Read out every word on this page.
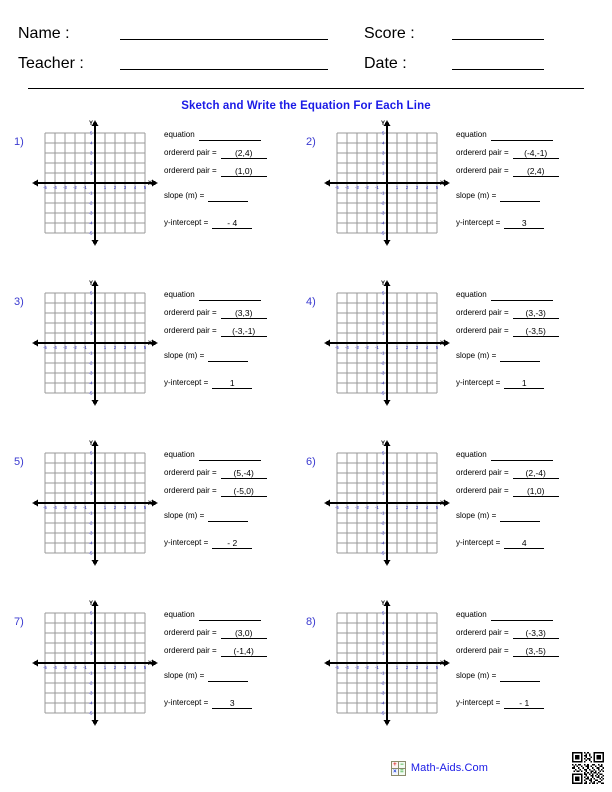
Name :	Score :
Teacher :	Date :
Sketch and Write the Equation For Each Line
1)
-5 -4 -3 -2 -1	1 2 3 4 5
5
4
3
2
1
-1
-2
-3
-4
-5
Y
X
equation
ordererd pair =	(2,4)
ordererd pair =	(1,0)
slope (m) =
y-intercept =	- 4
2)
-5 -4 -3 -2 -1	1 2 3 4 5
5
4
3
2
1
-1
-2
-3
-4
-5
Y
X
equation
ordererd pair =	(-4,-1)
ordererd pair =	(2,4)
slope (m) =
y-intercept =	3
3)
-5 -4 -3 -2 -1	1 2 3 4 5
5
4
3
2
1
-1
-2
-3
-4
-5
Y
X
equation
ordererd pair =	(3,3)
ordererd pair =	(-3,-1)
slope (m) =
y-intercept =	1
4)
-5 -4 -3 -2 -1	1 2 3 4 5
5
4
3
2
1
-1
-2
-3
-4
-5
Y
X
equation
ordererd pair =	(3,-3)
ordererd pair =	(-3,5)
slope (m) =
y-intercept =	1
5)
-5 -4 -3 -2 -1	1 2 3 4 5
5
4
3
2
1
-1
-2
-3
-4
-5
Y
X
equation
ordererd pair =	(5,-4)
ordererd pair =	(-5,0)
slope (m) =
y-intercept =	- 2
6)
-5 -4 -3 -2 -1	1 2 3 4 5
5
4
3
2
1
-1
-2
-3
-4
-5
Y
X
equation
ordererd pair =	(2,-4)
ordererd pair =	(1,0)
slope (m) =
y-intercept =	4
7)
-5 -4 -3 -2 -1	1 2 3 4 5
5
4
3
2
1
-1
-2
-3
-4
-5
Y
X
equation
ordererd pair =	(3,0)
ordererd pair =	(-1,4)
slope (m) =
y-intercept =	3
8)
-5 -4 -3 -2 -1	1 2 3 4 5
5
4
3
2
1
-1
-2
-3
-4
-5
Y
X
equation
ordererd pair =	(-3,3)
ordererd pair =	(3,-5)
slope (m) =
y-intercept =	- 1
+ −
× = Math-Aids.Com
